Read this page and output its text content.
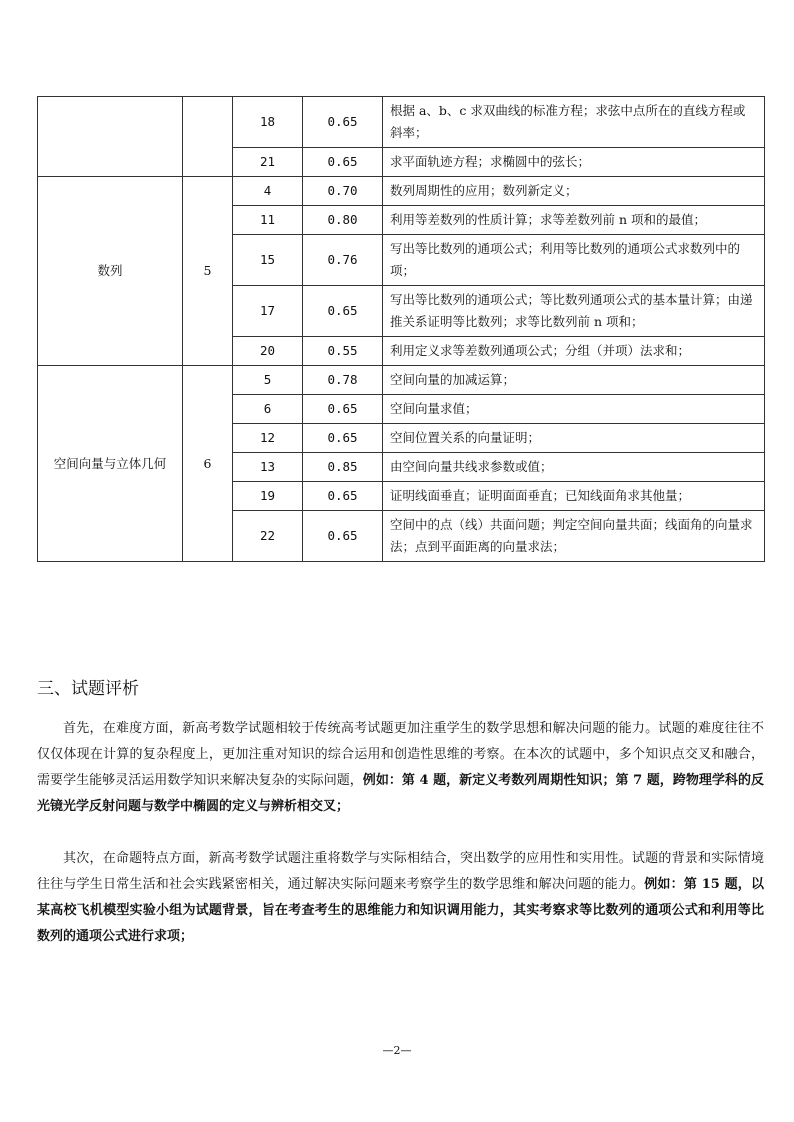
		18	0.65	根据 a、b、c 求双曲线的标准方程；求弦中点所在的直线方程或斜率；
		21	0.65	求平面轨迹方程；求椭圆中的弦长；
数列	5	4	0.70	数列周期性的应用；数列新定义；
		11	0.80	利用等差数列的性质计算；求等差数列前 n 项和的最值；
		15	0.76	写出等比数列的通项公式；利用等比数列的通项公式求数列中的项；
		17	0.65	写出等比数列的通项公式；等比数列通项公式的基本量计算；由递推关系证明等比数列；求等比数列前 n 项和；
		20	0.55	利用定义求等差数列通项公式；分组（并项）法求和；
空间向量与立体几何	6	5	0.78	空间向量的加减运算；
		6	0.65	空间向量求值；
		12	0.65	空间位置关系的向量证明；
		13	0.85	由空间向量共线求参数或值；
		19	0.65	证明线面垂直；证明面面垂直；已知线面角求其他量；
		22	0.65	空间中的点（线）共面问题；判定空间向量共面；线面角的向量求法；点到平面距离的向量求法；
三、试题评析

首先，在难度方面，新高考数学试题相较于传统高考试题更加注重学生的数学思想和解决问题的能力。试题的难度往往不仅仅体现在计算的复杂程度上，更加注重对知识的综合运用和创造性思维的考察。在本次的试题中，多个知识点交叉和融合，需要学生能够灵活运用数学知识来解决复杂的实际问题，例如：第 4 题，新定义考数列周期性知识；第 7 题，跨物理学科的反光镜光学反射问题与数学中椭圆的定义与辨析相交叉；

其次，在命题特点方面，新高考数学试题注重将数学与实际相结合，突出数学的应用性和实用性。试题的背景和实际情境往往与学生日常生活和社会实践紧密相关，通过解决实际问题来考察学生的数学思维和解决问题的能力。例如：第 15 题，以某高校飞机模型实验小组为试题背景，旨在考查考生的思维能力和知识调用能力，其实考察求等比数列的通项公式和利用等比数列的通项公式进行求项；

—2—
